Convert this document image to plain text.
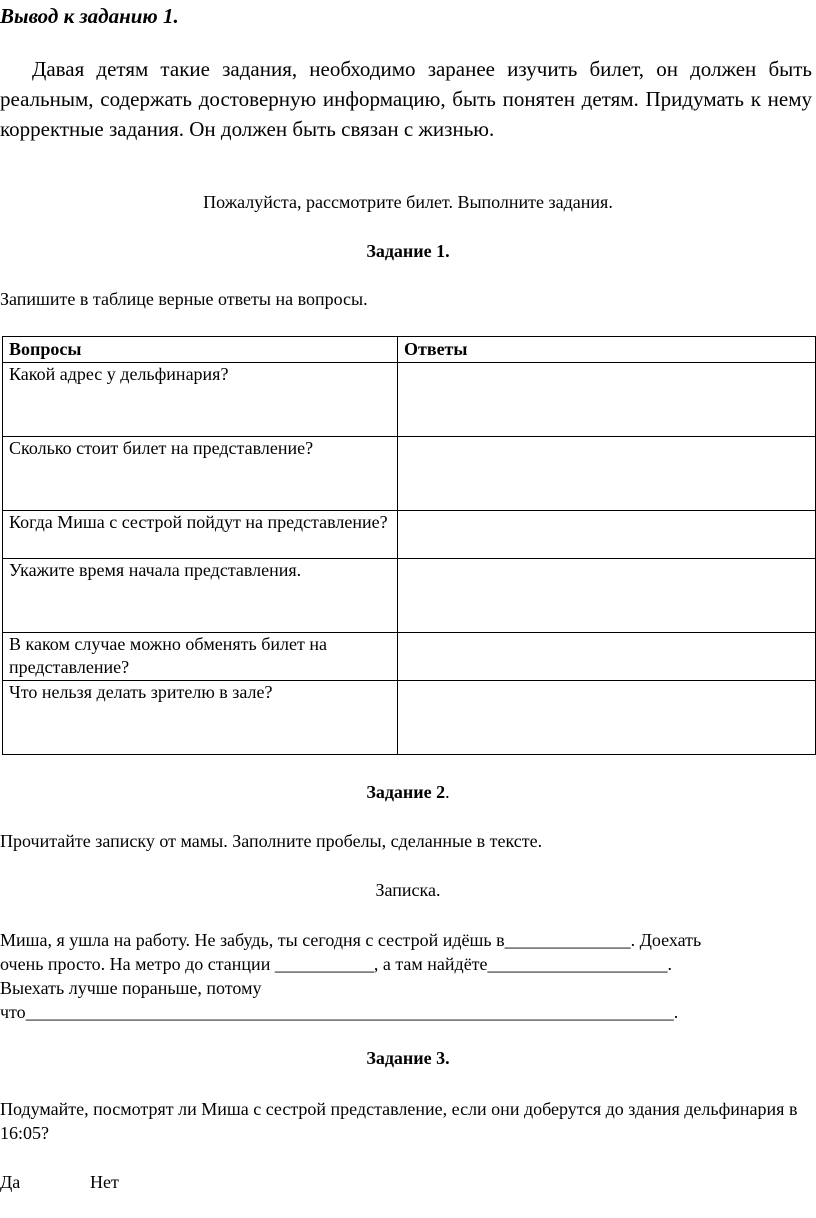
Вывод к заданию 1.

Давая детям такие задания, необходимо заранее изучить билет, он должен быть реальным, содержать достоверную информацию, быть понятен детям. Придумать к нему корректные задания. Он должен быть связан с жизнью.

Пожалуйста, рассмотрите билет. Выполните задания.
Задание 1.
Запишите в таблице верные ответы на вопросы.
Вопросы	Ответы
Какой адрес у дельфинария?	
Сколько стоит билет на представление?	
Когда Миша с сестрой пойдут на представление?	
Укажите время начала представления.	
В каком случае можно обменять билет на представление?	
Что нельзя делать зрителю в зале?	
Задание 2.
Прочитайте записку от мамы. Заполните пробелы, сделанные в тексте.
Записка.
Миша, я ушла на работу. Не забудь, ты сегодня с сестрой идёшь в______________. Доехать
очень просто. На метро до станции ___________, а там найдёте____________________.
Выехать лучше пораньше, потому
что________________________________________________________________________.
Задание 3.
Подумайте, посмотрят ли Миша с сестрой представление, если они доберутся до здания дельфинария в 16:05?
Да	Нет
